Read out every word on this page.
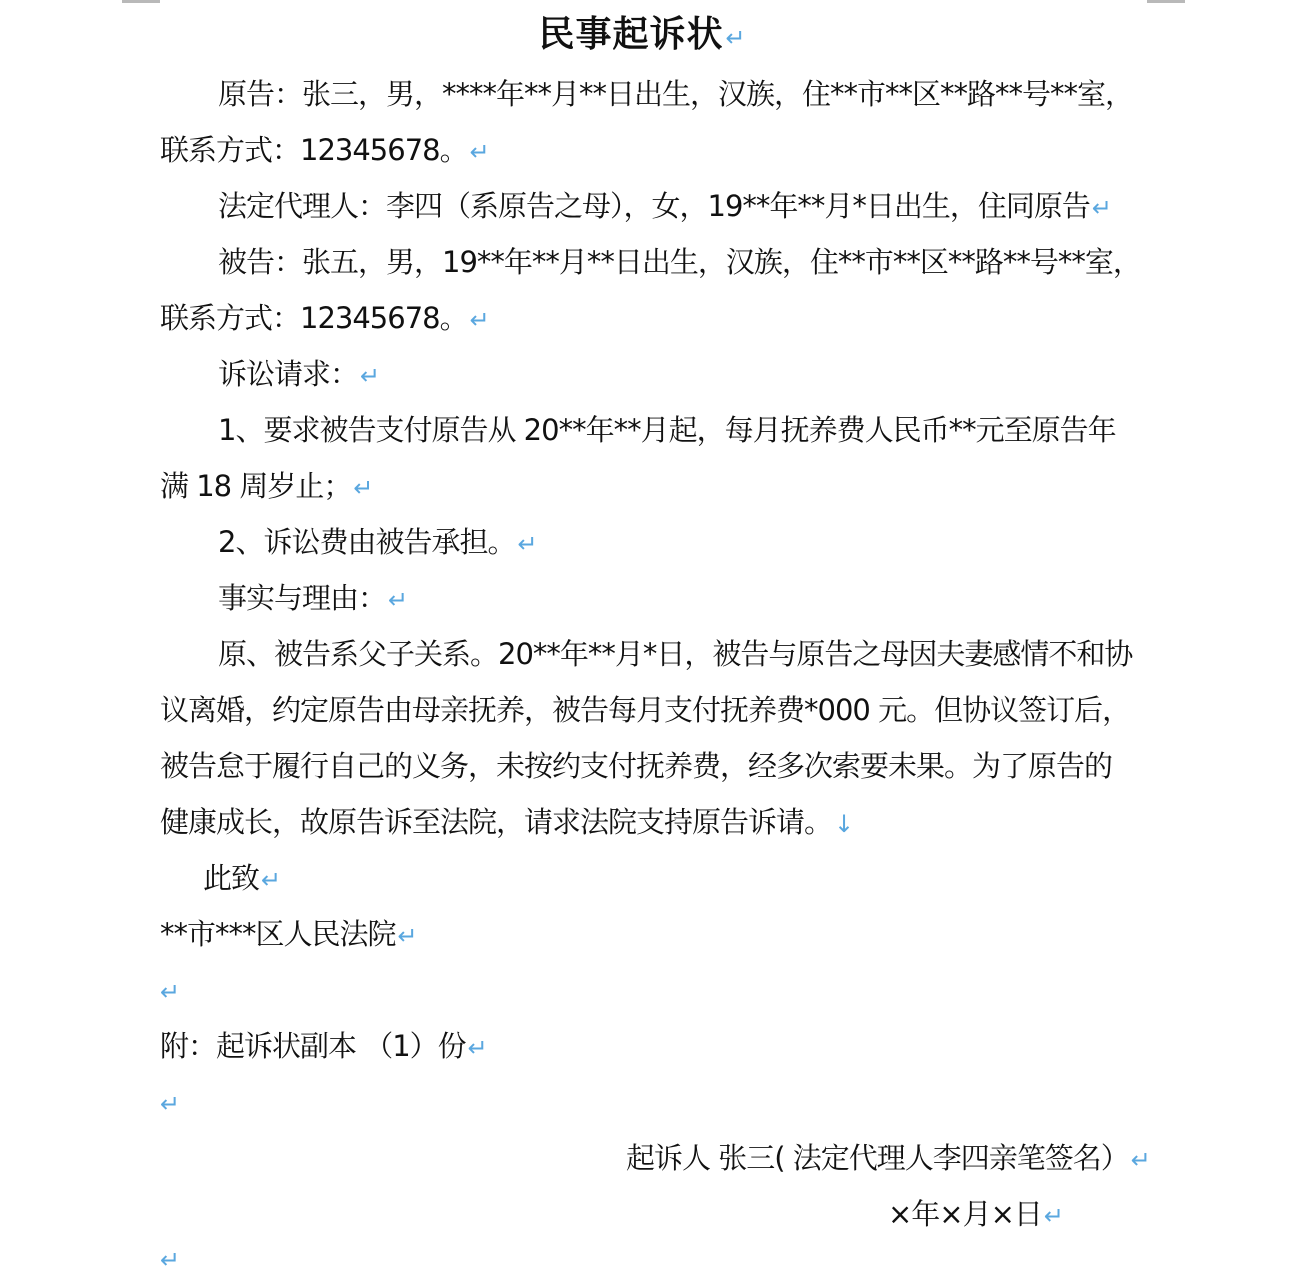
民事起诉状↵
原告：张三，男，****年**月**日出生，汉族，住**市**区**路**号**室，
联系方式：12345678。↵
法定代理人：李四（系原告之母），女，19**年**月*日出生，住同原告↵
被告：张五，男，19**年**月**日出生，汉族，住**市**区**路**号**室，
联系方式：12345678。↵
诉讼请求：↵
1、要求被告支付原告从 20**年**月起，每月抚养费人民币**元至原告年
满 18 周岁止；↵
2、诉讼费由被告承担。↵
事实与理由：↵
原、被告系父子关系。20**年**月*日，被告与原告之母因夫妻感情不和协
议离婚，约定原告由母亲抚养，被告每月支付抚养费*000 元。但协议签订后，
被告怠于履行自己的义务，未按约支付抚养费，经多次索要未果。为了原告的
健康成长，故原告诉至法院，请求法院支持原告诉请。↓
此致↵
**市***区人民法院↵
↵
附：起诉状副本 （1）份↵
↵
起诉人 张三( 法定代理人李四亲笔签名）↵
×年×月×日↵
↵
